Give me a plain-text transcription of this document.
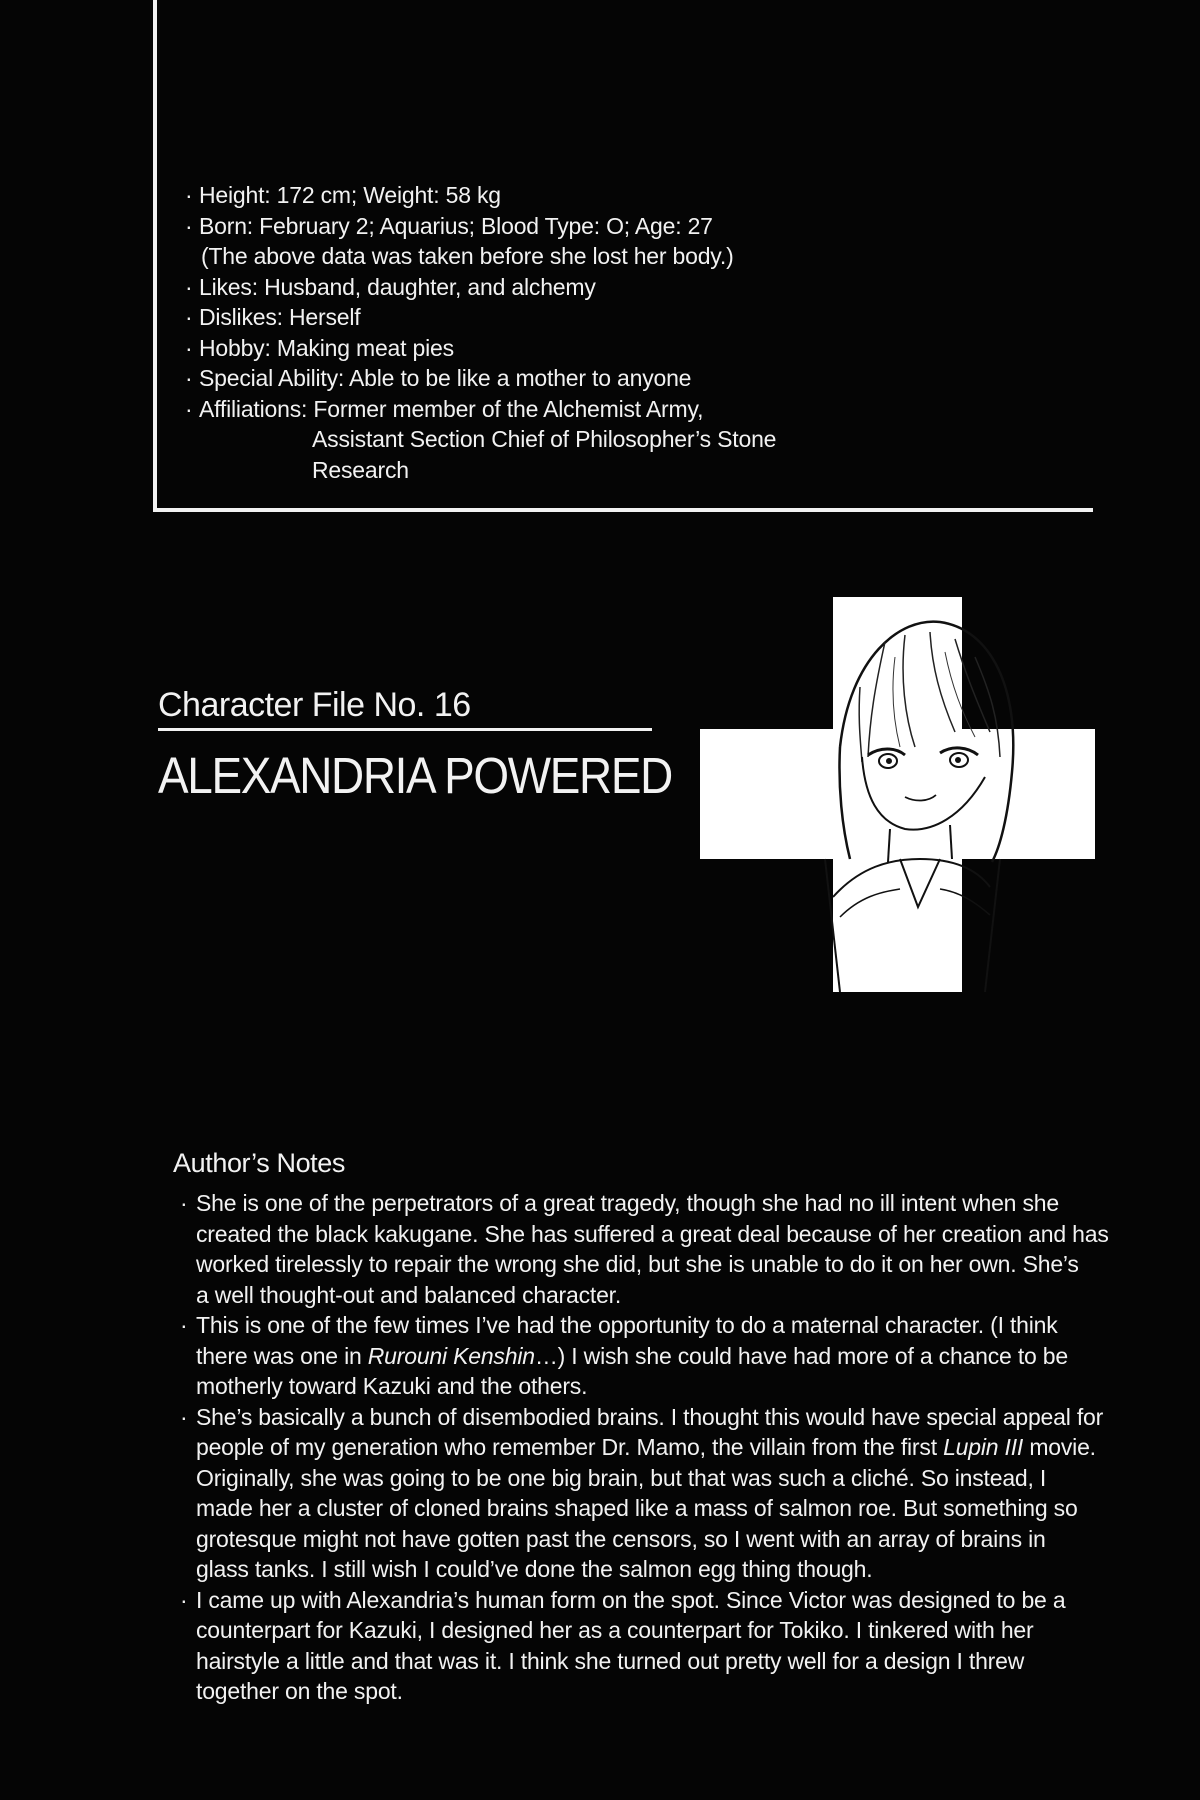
· Height: 172 cm; Weight: 58 kg
· Born: February 2; Aquarius; Blood Type: O; Age: 27
(The above data was taken before she lost her body.)
· Likes: Husband, daughter, and alchemy
· Dislikes: Herself
· Hobby: Making meat pies
· Special Ability: Able to be like a mother to anyone
· Affiliations: Former member of the Alchemist Army,
Assistant Section Chief of Philosopher’s Stone
Research
Character File No. 16
ALEXANDRIA POWERED
Author’s Notes
· She is one of the perpetrators of a great tragedy, though she had no ill intent when she
created the black kakugane. She has suffered a great deal because of her creation and has
worked tirelessly to repair the wrong she did, but she is unable to do it on her own. She’s
a well thought-out and balanced character.
· This is one of the few times I’ve had the opportunity to do a maternal character. (I think
there was one in Rurouni Kenshin…) I wish she could have had more of a chance to be
motherly toward Kazuki and the others.
· She’s basically a bunch of disembodied brains. I thought this would have special appeal for
people of my generation who remember Dr. Mamo, the villain from the first Lupin III movie.
Originally, she was going to be one big brain, but that was such a cliché. So instead, I
made her a cluster of cloned brains shaped like a mass of salmon roe. But something so
grotesque might not have gotten past the censors, so I went with an array of brains in
glass tanks. I still wish I could’ve done the salmon egg thing though.
· I came up with Alexandria’s human form on the spot. Since Victor was designed to be a
counterpart for Kazuki, I designed her as a counterpart for Tokiko. I tinkered with her
hairstyle a little and that was it. I think she turned out pretty well for a design I threw
together on the spot.
